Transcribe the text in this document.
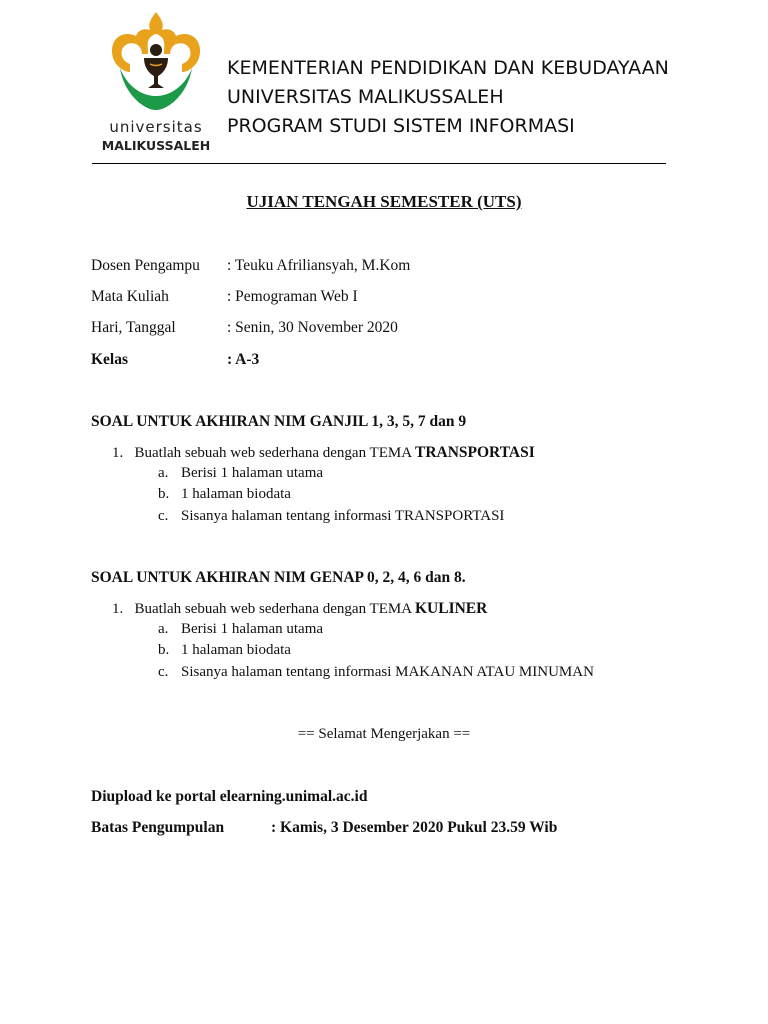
universitas
MALIKUSSALEH
KEMENTERIAN PENDIDIKAN DAN KEBUDAYAAN
UNIVERSITAS MALIKUSSALEH
PROGRAM STUDI SISTEM INFORMASI
UJIAN TENGAH SEMESTER (UTS)
Dosen Pengampu : Teuku Afriliansyah, M.Kom
Mata Kuliah	: Pemograman Web I
Hari, Tanggal	: Senin, 30 November 2020
Kelas	: A-3
SOAL UNTUK AKHIRAN NIM GANJIL 1, 3, 5, 7 dan 9
1. Buatlah sebuah web sederhana dengan TEMA TRANSPORTASI
a. Berisi 1 halaman utama
b. 1 halaman biodata
c. Sisanya halaman tentang informasi TRANSPORTASI
SOAL UNTUK AKHIRAN NIM GENAP 0, 2, 4, 6 dan 8.
1. Buatlah sebuah web sederhana dengan TEMA KULINER
a. Berisi 1 halaman utama
b. 1 halaman biodata
c. Sisanya halaman tentang informasi MAKANAN ATAU MINUMAN
== Selamat Mengerjakan ==
Diupload ke portal elearning.unimal.ac.id
Batas Pengumpulan	: Kamis, 3 Desember 2020 Pukul 23.59 Wib
